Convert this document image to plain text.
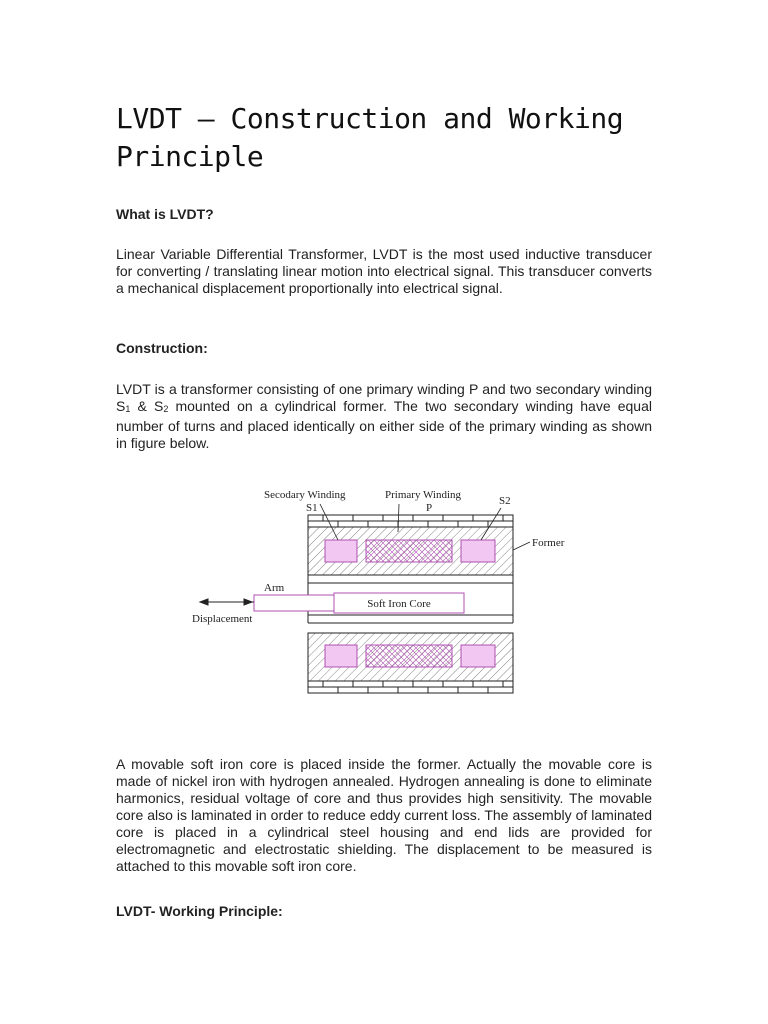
LVDT – Construction and Working Principle
What is LVDT?

Linear Variable Differential Transformer, LVDT is the most used inductive transducer for converting / translating linear motion into electrical signal. This transducer converts a mechanical displacement proportionally into electrical signal.

Construction:

LVDT is a transformer consisting of one primary winding P and two secondary winding $S_1$ & $S_2$ mounted on a cylindrical former. The two secondary winding have equal number of turns and placed identically on either side of the primary winding as shown in figure below.

Soft Iron Core
Arm
Displacement
Secodary Winding
S1
Primary Winding
P
S2
Former

A movable soft iron core is placed inside the former. Actually the movable core is made of nickel iron with hydrogen annealed. Hydrogen annealing is done to eliminate harmonics, residual voltage of core and thus provides high sensitivity. The movable core also is laminated in order to reduce eddy current loss. The assembly of laminated core is placed in a cylindrical steel housing and end lids are provided for electromagnetic and electrostatic shielding. The displacement to be measured is attached to this movable soft iron core.

LVDT- Working Principle:
